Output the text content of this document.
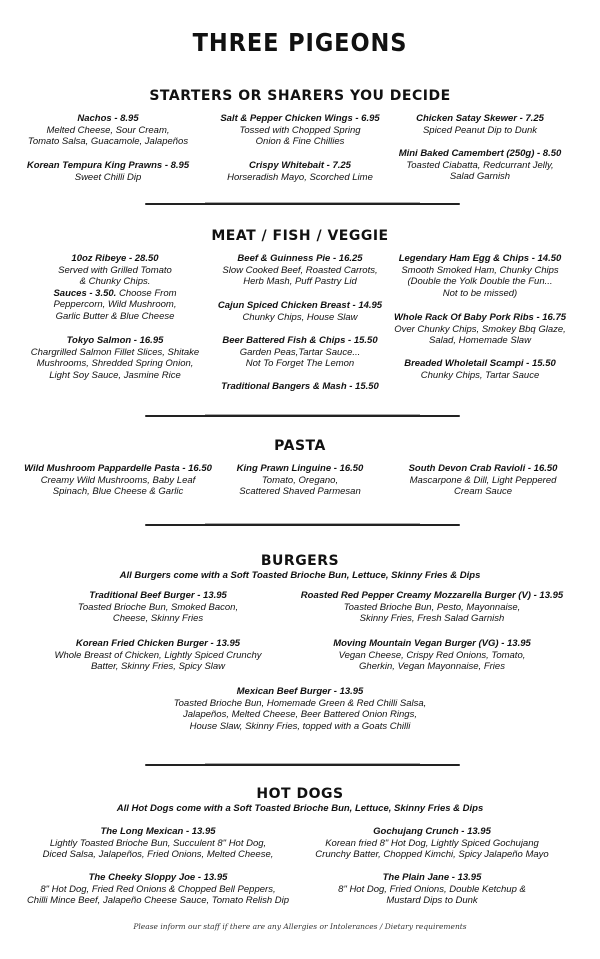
THREE PIGEONS
STARTERS OR SHARERS YOU DECIDE
Nachos - 8.95
Melted Cheese, Sour Cream,
Tomato Salsa, Guacamole, Jalapeños
Korean Tempura King Prawns - 8.95
Sweet Chilli Dip
Salt & Pepper Chicken Wings - 6.95
Tossed with Chopped Spring
Onion & Fine Chillies
Crispy Whitebait - 7.25
Horseradish Mayo, Scorched Lime
Chicken Satay Skewer - 7.25
Spiced Peanut Dip to Dunk
Mini Baked Camembert (250g) - 8.50
Toasted Ciabatta, Redcurrant Jelly,
Salad Garnish
MEAT / FISH / VEGGIE
10oz Ribeye - 28.50
Served with Grilled Tomato
& Chunky Chips.
Sauces - 3.50. Choose From
Peppercorn, Wild Mushroom,
Garlic Butter & Blue Cheese
Tokyo Salmon - 16.95
Chargrilled Salmon Fillet Slices, Shitake
Mushrooms, Shredded Spring Onion,
Light Soy Sauce, Jasmine Rice
Beef & Guinness Pie - 16.25
Slow Cooked Beef, Roasted Carrots,
Herb Mash, Puff Pastry Lid
Cajun Spiced Chicken Breast - 14.95
Chunky Chips, House Slaw
Beer Battered Fish & Chips - 15.50
Garden Peas,Tartar Sauce...
Not To Forget The Lemon
Traditional Bangers & Mash - 15.50
Legendary Ham Egg & Chips - 14.50
Smooth Smoked Ham, Chunky Chips
(Double the Yolk Double the Fun...
Not to be missed)
Whole Rack Of Baby Pork Ribs - 16.75
Over Chunky Chips, Smokey Bbq Glaze,
Salad, Homemade Slaw
Breaded Wholetail Scampi - 15.50
Chunky Chips, Tartar Sauce
PASTA
Wild Mushroom Pappardelle Pasta - 16.50
Creamy Wild Mushrooms, Baby Leaf
Spinach, Blue Cheese & Garlic
King Prawn Linguine - 16.50
Tomato, Oregano,
Scattered Shaved Parmesan
South Devon Crab Ravioli - 16.50
Mascarpone & Dill, Light Peppered
Cream Sauce
BURGERS
All Burgers come with a Soft Toasted Brioche Bun, Lettuce, Skinny Fries & Dips
Traditional Beef Burger - 13.95
Toasted Brioche Bun, Smoked Bacon,
Cheese, Skinny Fries
Korean Fried Chicken Burger - 13.95
Whole Breast of Chicken, Lightly Spiced Crunchy
Batter, Skinny Fries, Spicy Slaw
Roasted Red Pepper Creamy Mozzarella Burger (V) - 13.95
Toasted Brioche Bun, Pesto, Mayonnaise,
Skinny Fries, Fresh Salad Garnish
Moving Mountain Vegan Burger (VG) - 13.95
Vegan Cheese, Crispy Red Onions, Tomato,
Gherkin, Vegan Mayonnaise, Fries
Mexican Beef Burger - 13.95
Toasted Brioche Bun, Homemade Green & Red Chilli Salsa,
Jalapeños, Melted Cheese, Beer Battered Onion Rings,
House Slaw, Skinny Fries, topped with a Goats Chilli
HOT DOGS
All Hot Dogs come with a Soft Toasted Brioche Bun, Lettuce, Skinny Fries & Dips
The Long Mexican - 13.95
Lightly Toasted Brioche Bun, Succulent 8" Hot Dog,
Diced Salsa, Jalapeños, Fried Onions, Melted Cheese,
The Cheeky Sloppy Joe - 13.95
8" Hot Dog, Fried Red Onions & Chopped Bell Peppers,
Chilli Mince Beef, Jalapeño Cheese Sauce, Tomato Relish Dip
Gochujang Crunch - 13.95
Korean fried 8" Hot Dog, Lightly Spiced Gochujang
Crunchy Batter, Chopped Kimchi, Spicy Jalapeño Mayo
The Plain Jane - 13.95
8" Hot Dog, Fried Onions, Double Ketchup &
Mustard Dips to Dunk
Please inform our staff if there are any Allergies or Intolerances / Dietary requirements
